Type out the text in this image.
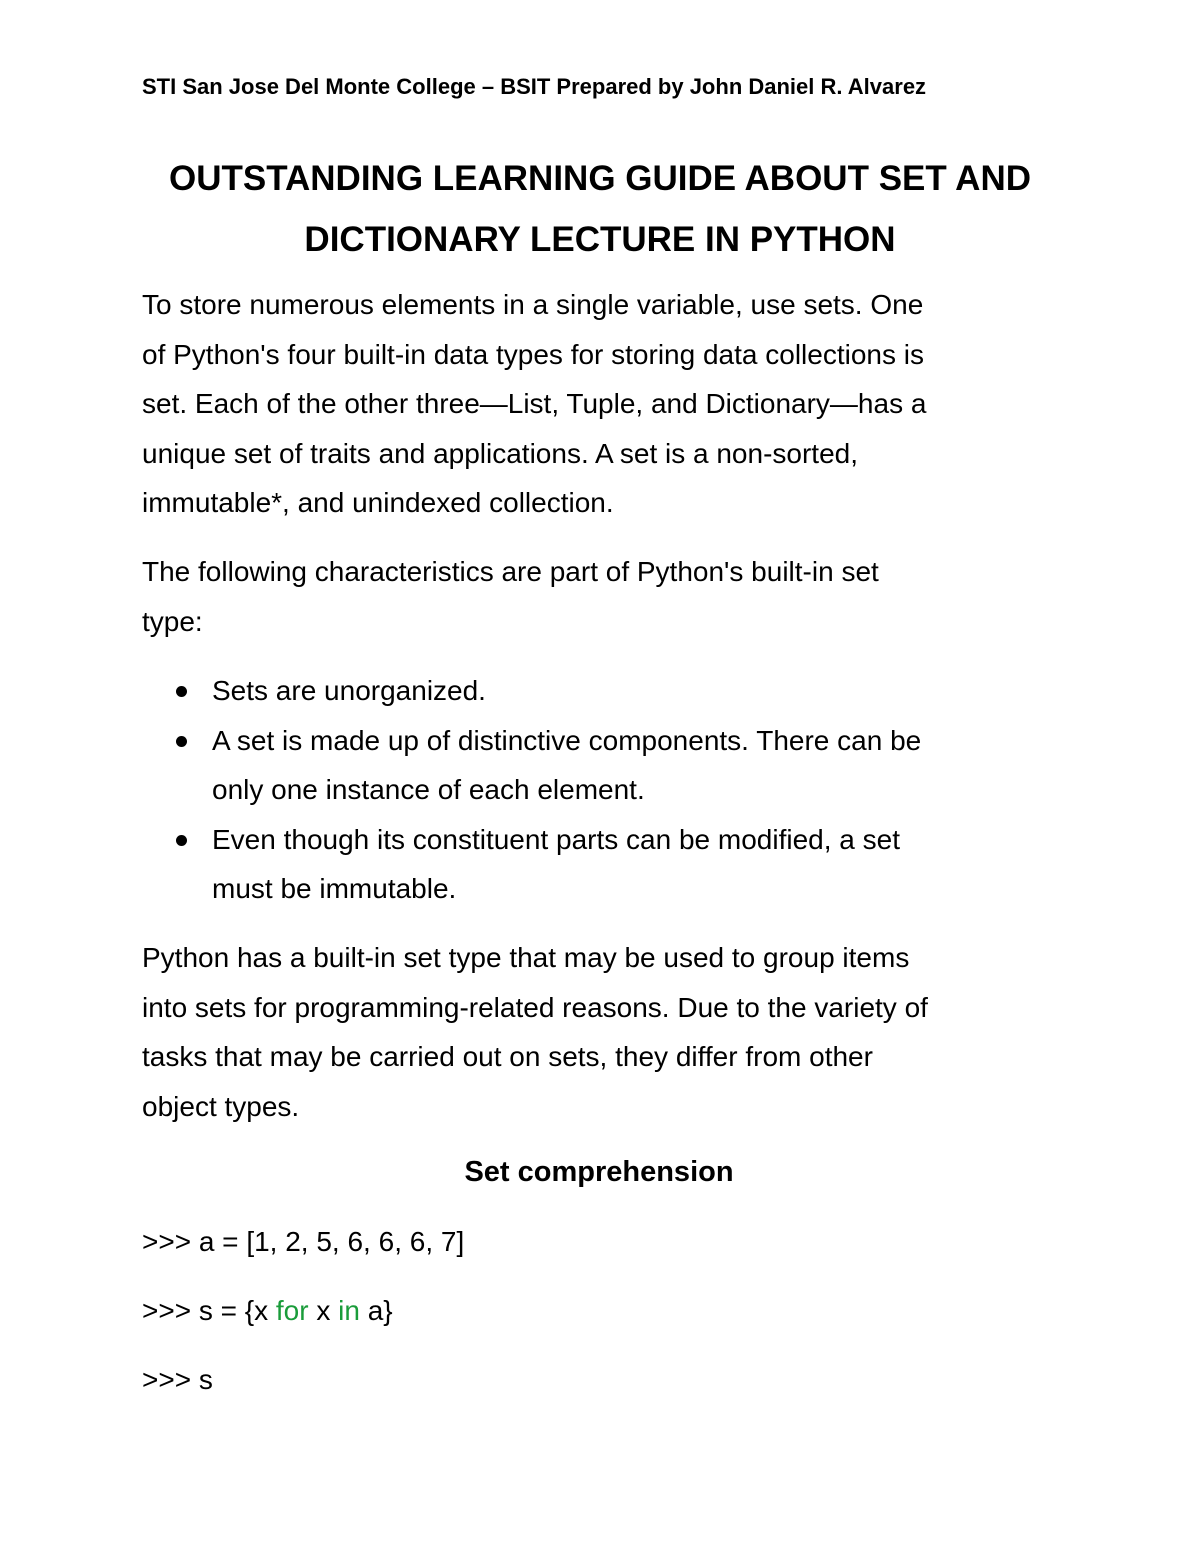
STI San Jose Del Monte College – BSIT Prepared by John Daniel R. Alvarez
OUTSTANDING LEARNING GUIDE ABOUT SET AND
DICTIONARY LECTURE IN PYTHON
To store numerous elements in a single variable, use sets. One
of Python's four built-in data types for storing data collections is
set. Each of the other three—List, Tuple, and Dictionary—has a
unique set of traits and applications. A set is a non-sorted,
immutable*, and unindexed collection.
The following characteristics are part of Python's built-in set
type:
Sets are unorganized.
A set is made up of distinctive components. There can be
only one instance of each element.
Even though its constituent parts can be modified, a set
must be immutable.
Python has a built-in set type that may be used to group items
into sets for programming-related reasons. Due to the variety of
tasks that may be carried out on sets, they differ from other
object types.
Set comprehension
>>> a = [1, 2, 5, 6, 6, 6, 7]
>>> s = {x for x in a}
>>> s
